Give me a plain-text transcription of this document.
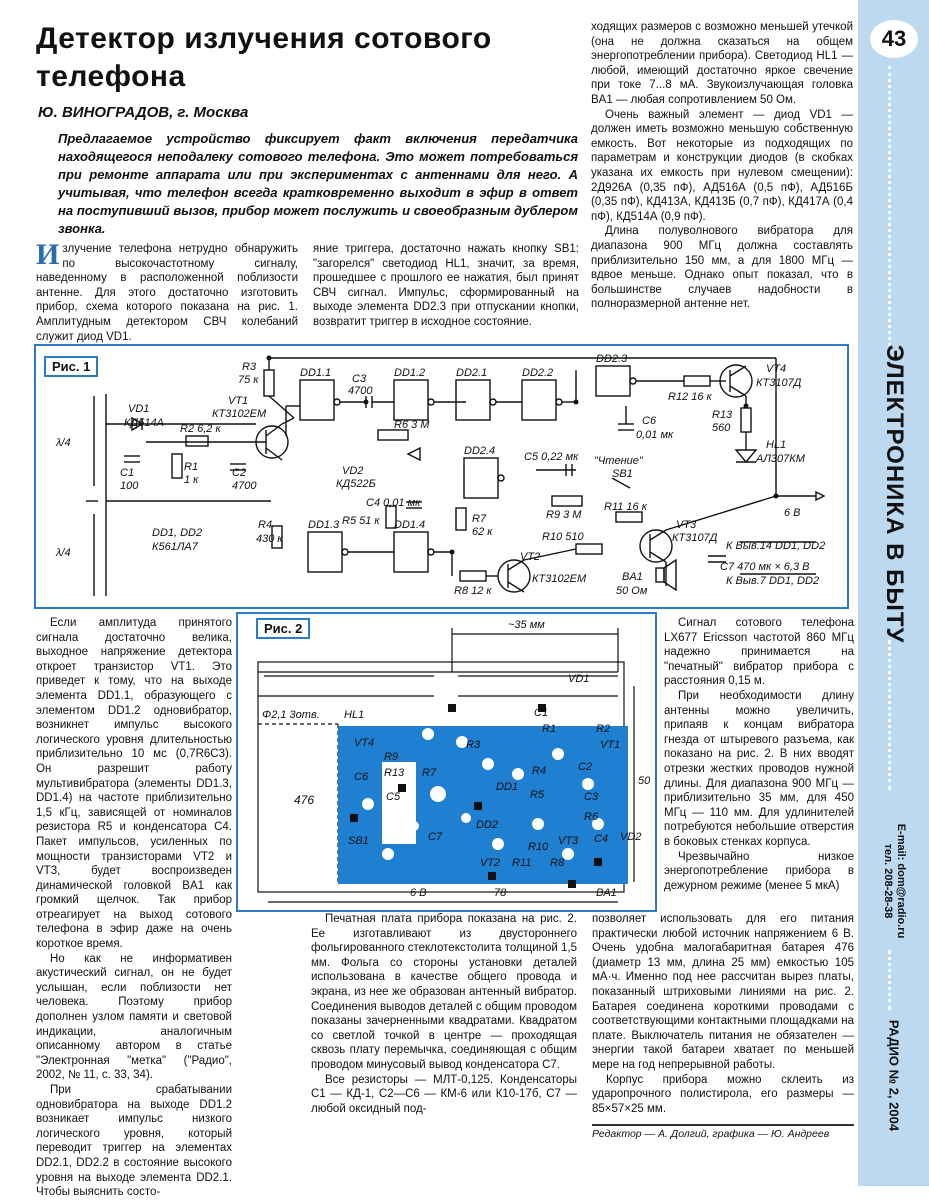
43
ЭЛЕКТРОНИКА В БЫТУ
E-mail: dom@radio.ru
тел. 208-28-38
РАДИО № 2, 2004
Детектор излучения сотового телефона
Ю. ВИНОГРАДОВ, г. Москва
Предлагаемое устройство фиксирует факт включения передатчика находящегося неподалеку сотового телефона. Это может потребоваться при ремонте аппарата или при экспериментах с антеннами для него. А учитывая, что телефон всегда кратковременно выходит в эфир в ответ на поступивший вызов, прибор может послужить и своеобразным дублером звонка.

Излучение телефона нетрудно обнаружить по высокочастотному сигналу, наведенному в расположенной поблизости антенне. Для этого достаточно изготовить прибор, схема которого показана на рис. 1. Амплитудным детектором СВЧ колебаний служит диод VD1.

яние триггера, достаточно нажать кнопку SB1: "загорелся" светодиод HL1, значит, за время, прошедшее с прошлого ее нажатия, был принят СВЧ сигнал. Импульс, сформированный на выходе элемента DD2.3 при отпускании кнопки, возвратит триггер в исходное состояние.

ходящих размеров с возможно меньшей утечкой (она не должна сказаться на общем энергопотреблении прибора). Светодиод HL1 — любой, имеющий достаточно яркое свечение при токе 7...8 мА. Звукоизлучающая головка BA1 — любая сопротивлением 50 Ом.

Очень важный элемент — диод VD1 — должен иметь возможно меньшую собственную емкость. Вот некоторые из подходящих по параметрам и конструкции диодов (в скобках указана их емкость при нулевом смещении): 2Д926А (0,35 пФ), АД516А (0,5 пФ), АД516Б (0,35 пФ), КД413А, КД413Б (0,7 пФ), КД417А (0,4 пФ), КД514А (0,9 пФ).

Длина полуволнового вибратора для диапазона 900 МГц должна составлять приблизительно 150 мм, а для 1800 МГц — вдвое меньше. Однако опыт показал, что в большинстве случаев надобности в полноразмерной антенне нет.

Рис. 1
λ/4
λ/4
VD1
КД514А R2 6,2 к
C1
100
R1
1 к
C2
4700
R3
75 к
VT1
КТ3102ЕМ
DD1.1 C3
4700
DD1.2
R6 3 М
VD2
КД522Б
DD2.1	DD2.2
DD2.3
C6
0,01 мк
DD2.4	C5 0,22 мк "Чтение"
SB1
R7
62 к
R9 3 М
R11 16 к
R10 510
R12 16 к
R13
560
VT4
КТ3107Д
HL1
АЛ307КМ
VT3
КТ3107Д
C4 0,01 мк
R5 51 к
DD1.3	DD1.4
R4
430 к
DD1, DD2
К561ЛА7
R8 12 к
VT2
КТ3102ЕМ	BA1
50 Ом
6 В
C7 470 мк × 6,3 В
К Выв.14 DD1, DD2
К Выв.7 DD1, DD2

Если амплитуда принятого сигнала достаточно велика, выходное напряжение детектора откроет транзистор VT1. Это приведет к тому, что на выходе элемента DD1.1, образующего с элементом DD1.2 одновибратор, возникнет импульс высокого логического уровня длительностью приблизительно 10 мс (0,7R6C3). Он разрешит работу мультивибратора (элементы DD1.3, DD1.4) на частоте приблизительно 1,5 кГц, зависящей от номиналов резистора R5 и конденсатора С4. Пакет импульсов, усиленных по мощности транзисторами VT2 и VT3, будет воспроизведен динамической головкой BA1 как громкий щелчок. Так прибор отреагирует на выход сотового телефона в эфир даже на очень короткое время.

Но как не информативен акустический сигнал, он не будет услышан, если поблизости нет человека. Поэтому прибор дополнен узлом памяти и световой индикации, аналогичным описанному автором в статье "Электронная "метка" ("Радио", 2002, № 11, с. 33, 34).

При срабатывании одновибратора на выходе DD1.2 возникает импульс низкого логического уровня, который переводит триггер на элементах DD2.1, DD2.2 в состояние высокого уровня на выходе элемента DD2.1. Чтобы выяснить состо-

Рис. 2	~35 мм
50
78
Φ2,1 3отв.
476
6 В
VD1
C1
R1	R2
VT1
HL1
VT4
R9
R13
C6	R7
C5
R3
R4	C2
C3
R6
VD2
SB1	C7
VT2 R11
VT3
R10
R8
R5
DD1
DD2
C4
BA1

Печатная плата прибора показана на рис. 2. Ее изготавливают из двустороннего фольгированного стеклотекстолита толщиной 1,5 мм. Фольга со стороны установки деталей использована в качестве общего провода и экрана, из нее же образован антенный вибратор. Соединения выводов деталей с общим проводом показаны зачерненными квадратами. Квадратом со светлой точкой в центре — проходящая сквозь плату перемычка, соединяющая с общим проводом минусовый вывод конденсатора С7.

Все резисторы — МЛТ-0,125. Конденсаторы С1 — КД-1, С2—С6 — КМ-6 или К10-17б, С7 — любой оксидный под-

Сигнал сотового телефона LX677 Ericsson частотой 860 МГц надежно принимается на "печатный" вибратор прибора с расстояния 0,15 м.

При необходимости длину антенны можно увеличить, припаяв к концам вибратора гнезда от штыревого разъема, как показано на рис. 2. В них вводят отрезки жестких проводов нужной длины. Для диапазона 900 МГц — приблизительно 35 мм, для 450 МГц — 110 мм. Для удлинителей потребуются небольшие отверстия в боковых стенках корпуса.

Чрезвычайно низкое энергопотребление прибора в дежурном режиме (менее 5 мкА)

позволяет использовать для его питания практически любой источник напряжением 6 В. Очень удобна малогабаритная батарея 476 (диаметр 13 мм, длина 25 мм) емкостью 105 мА·ч. Именно под нее рассчитан вырез платы, показанный штриховыми линиями на рис. 2. Батарея соединена короткими проводами с соответствующими контактными площадками на плате. Выключатель питания не обязателен — энергии такой батареи хватает по меньшей мере на год непрерывной работы.

Корпус прибора можно склеить из ударопрочного полистирола, его размеры — 85×57×25 мм.

Редактор — А. Долгий, графика — Ю. Андреев
